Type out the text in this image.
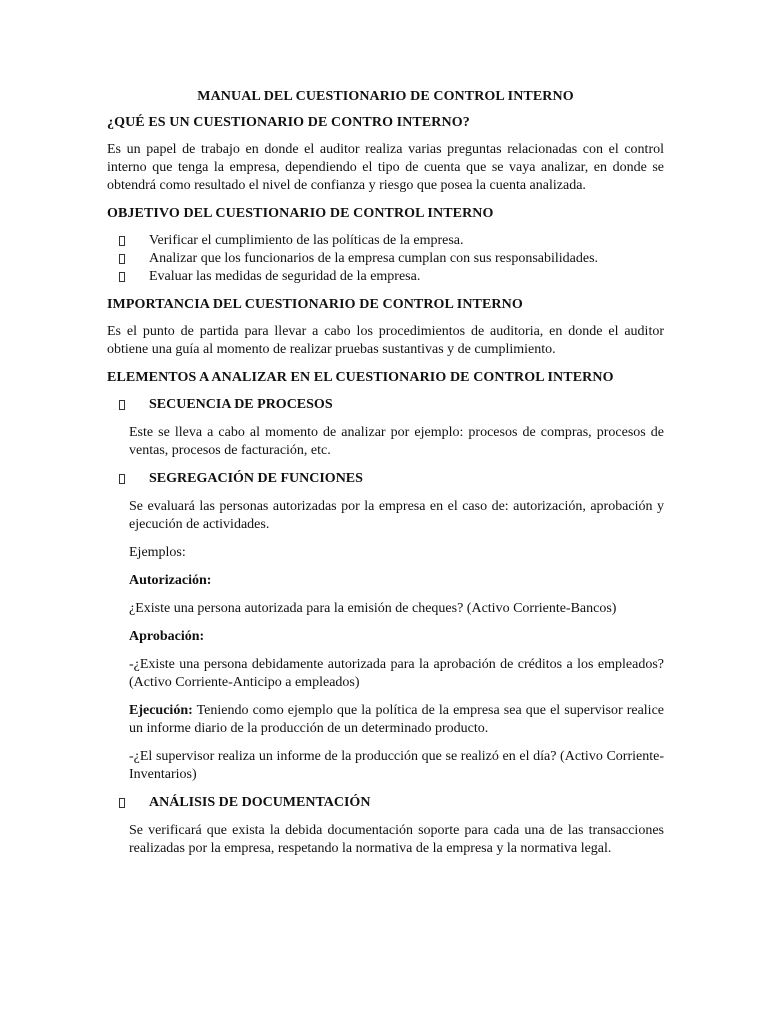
MANUAL DEL CUESTIONARIO DE CONTROL INTERNO
¿QUÉ ES UN CUESTIONARIO DE CONTRO INTERNO?

Es un papel de trabajo en donde el auditor realiza varias preguntas relacionadas con el control interno que tenga la empresa, dependiendo el tipo de cuenta que se vaya analizar, en donde se obtendrá como resultado el nivel de confianza y riesgo que posea la cuenta analizada.

OBJETIVO DEL CUESTIONARIO DE CONTROL INTERNO
Verificar el cumplimiento de las políticas de la empresa.
Analizar que los funcionarios de la empresa cumplan con sus responsabilidades.
Evaluar las medidas de seguridad de la empresa.
IMPORTANCIA DEL CUESTIONARIO DE CONTROL INTERNO

Es el punto de partida para llevar a cabo los procedimientos de auditoria, en donde el auditor obtiene una guía al momento de realizar pruebas sustantivas y de cumplimiento.

ELEMENTOS A ANALIZAR EN EL CUESTIONARIO DE CONTROL INTERNO
SECUENCIA DE PROCESOS

Este se lleva a cabo al momento de analizar por ejemplo: procesos de compras, procesos de ventas, procesos de facturación, etc.

SEGREGACIÓN DE FUNCIONES

Se evaluará las personas autorizadas por la empresa en el caso de: autorización, aprobación y ejecución de actividades.

Ejemplos:

Autorización:

¿Existe una persona autorizada para la emisión de cheques? (Activo Corriente-Bancos)

Aprobación:

-¿Existe una persona debidamente autorizada para la aprobación de créditos a los empleados? (Activo Corriente-Anticipo a empleados)

Ejecución: Teniendo como ejemplo que la política de la empresa sea que el supervisor realice un informe diario de la producción de un determinado producto.

-¿El supervisor realiza un informe de la producción que se realizó en el día? (Activo Corriente-Inventarios)

ANÁLISIS DE DOCUMENTACIÓN

Se verificará que exista la debida documentación soporte para cada una de las transacciones realizadas por la empresa, respetando la normativa de la empresa y la normativa legal.
